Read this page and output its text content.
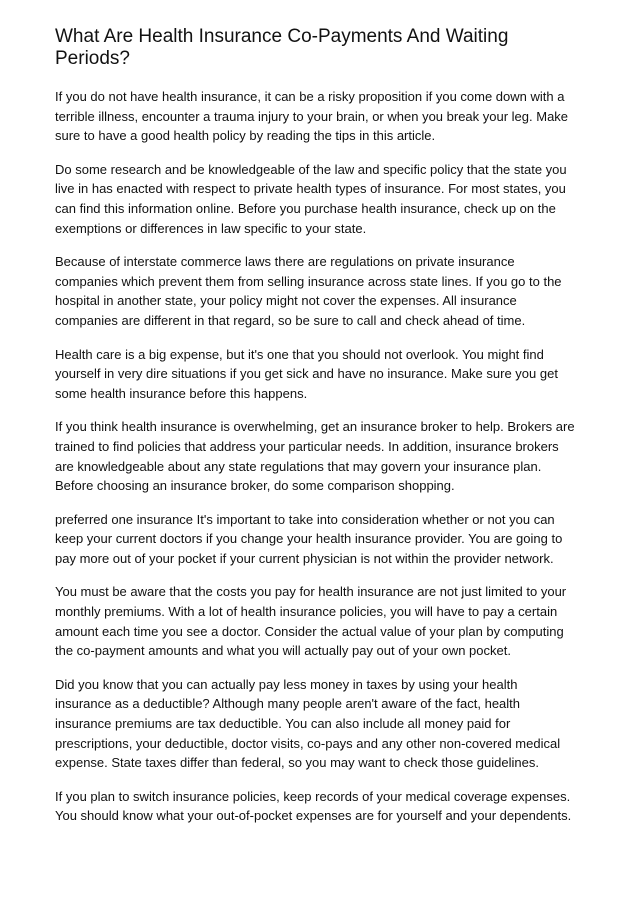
What Are Health Insurance Co-Payments And Waiting Periods?

If you do not have health insurance, it can be a risky proposition if you come down with a terrible illness, encounter a trauma injury to your brain, or when you break your leg. Make sure to have a good health policy by reading the tips in this article.

Do some research and be knowledgeable of the law and specific policy that the state you live in has enacted with respect to private health types of insurance. For most states, you can find this information online. Before you purchase health insurance, check up on the exemptions or differences in law specific to your state.

Because of interstate commerce laws there are regulations on private insurance companies which prevent them from selling insurance across state lines. If you go to the hospital in another state, your policy might not cover the expenses. All insurance companies are different in that regard, so be sure to call and check ahead of time.

Health care is a big expense, but it's one that you should not overlook. You might find yourself in very dire situations if you get sick and have no insurance. Make sure you get some health insurance before this happens.

If you think health insurance is overwhelming, get an insurance broker to help. Brokers are trained to find policies that address your particular needs. In addition, insurance brokers are knowledgeable about any state regulations that may govern your insurance plan. Before choosing an insurance broker, do some comparison shopping.

preferred one insurance It's important to take into consideration whether or not you can keep your current doctors if you change your health insurance provider. You are going to pay more out of your pocket if your current physician is not within the provider network.

You must be aware that the costs you pay for health insurance are not just limited to your monthly premiums. With a lot of health insurance policies, you will have to pay a certain amount each time you see a doctor. Consider the actual value of your plan by computing the co-payment amounts and what you will actually pay out of your own pocket.

Did you know that you can actually pay less money in taxes by using your health insurance as a deductible? Although many people aren't aware of the fact, health insurance premiums are tax deductible. You can also include all money paid for prescriptions, your deductible, doctor visits, co-pays and any other non-covered medical expense. State taxes differ than federal, so you may want to check those guidelines.

If you plan to switch insurance policies, keep records of your medical coverage expenses. You should know what your out-of-pocket expenses are for yourself and your dependents.
